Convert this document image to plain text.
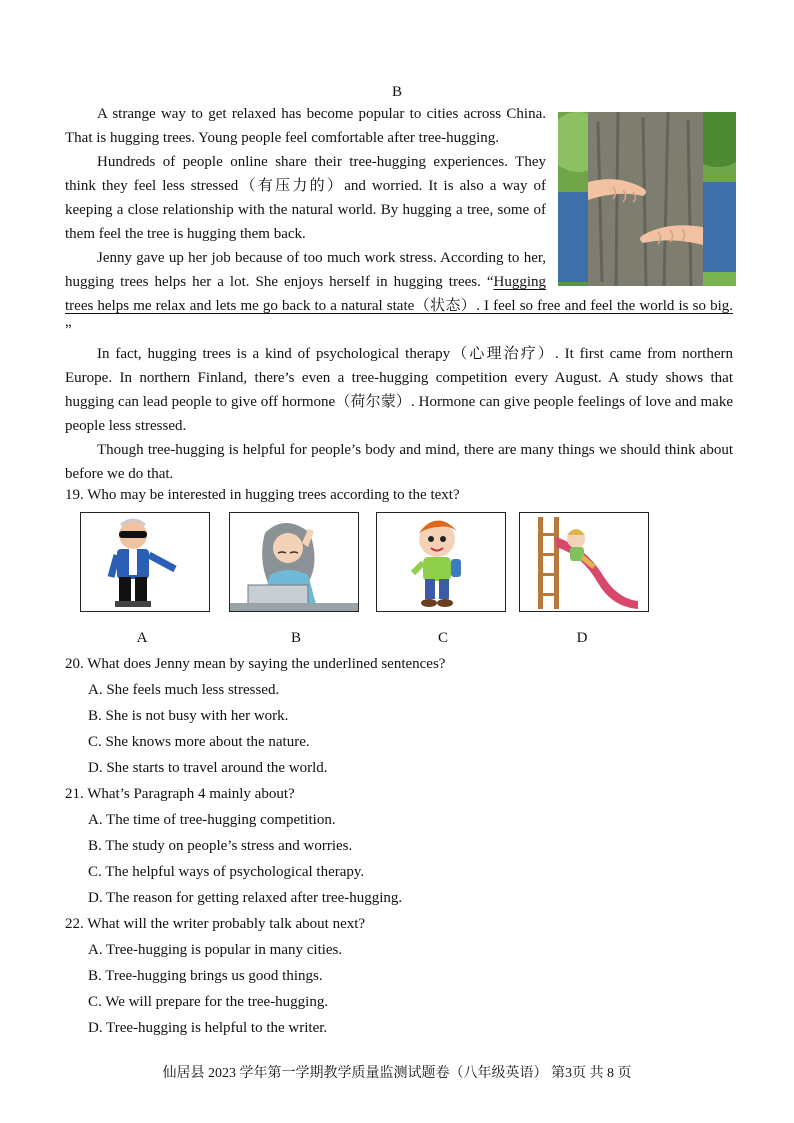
B

A strange way to get relaxed has become popular to cities across China. That is hugging trees. Young people feel comfortable after tree-hugging.

Hundreds of people online share their tree-hugging experiences. They think they feel less stressed（有压力的）and worried. It is also a way of keeping a close relationship with the natural world. By hugging a tree, some of them feel the tree is hugging them back.

Jenny gave up her job because of too much work stress. According to her, hugging trees helps her a lot. She enjoys herself in hugging trees. “Hugging trees helps me relax and lets me go back to a natural state（状态）. I feel so free and feel the world is so big. ”

In fact, hugging trees is a kind of psychological therapy（心理治疗）. It first came from northern Europe. In northern Finland, there’s even a tree-hugging competition every August. A study shows that hugging can lead people to give off hormone（荷尔蒙）. Hormone can give people feelings of love and make people less stressed.

Though tree-hugging is helpful for people’s body and mind, there are many things we should think about before we do that.

19. Who may be interested in hugging trees according to the text?
A	B	C	D
20. What does Jenny mean by saying the underlined sentences?
A. She feels much less stressed.
B. She is not busy with her work.
C. She knows more about the nature.
D. She starts to travel around the world.
21. What’s Paragraph 4 mainly about?
A. The time of tree-hugging competition.
B. The study on people’s stress and worries.
C. The helpful ways of psychological therapy.
D. The reason for getting relaxed after tree-hugging.
22. What will the writer probably talk about next?
A. Tree-hugging is popular in many cities.
B. Tree-hugging brings us good things.
C. We will prepare for the tree-hugging.
D. Tree-hugging is helpful to the writer.
仙居县 2023 学年第一学期教学质量监测试题卷（八年级英语） 第3页 共 8 页
